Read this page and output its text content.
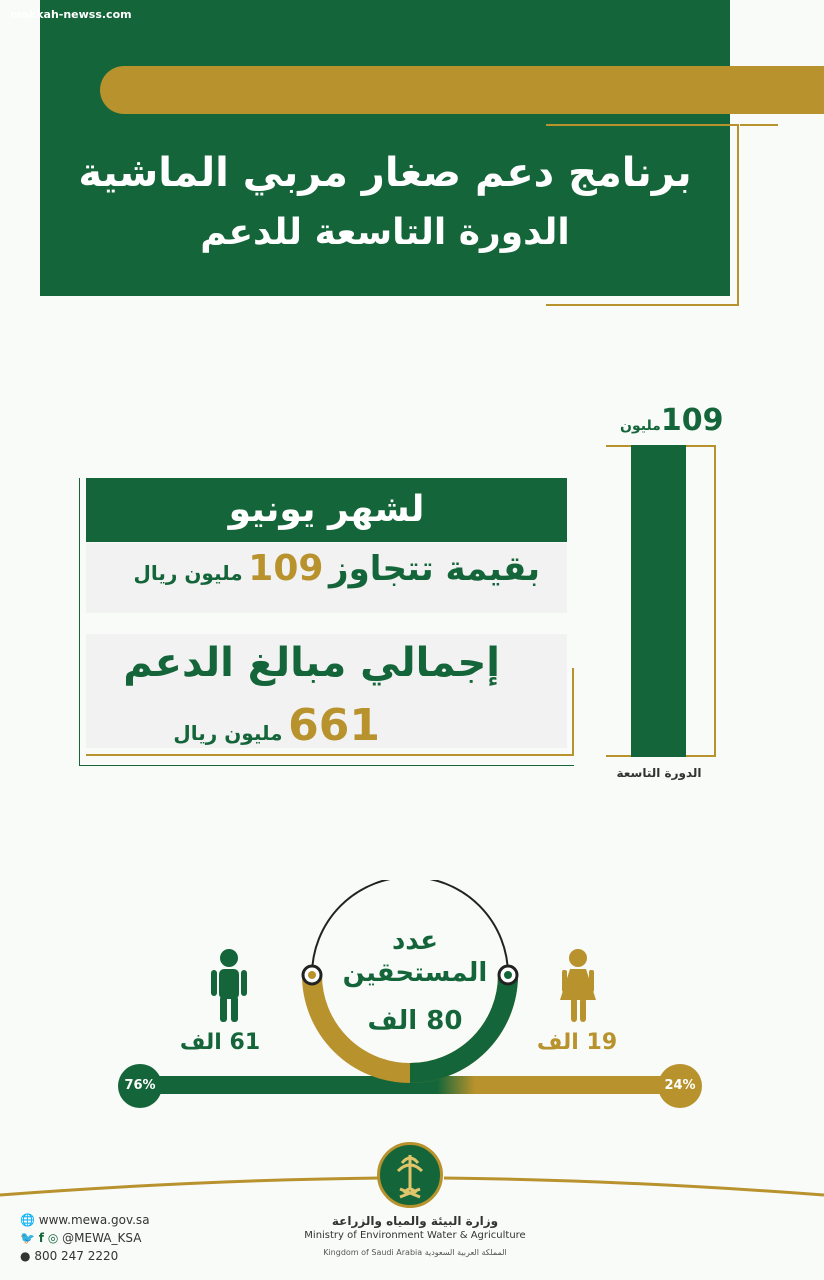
makkah-newss.com
برنامج دعم صغار مربي الماشية
الدورة التاسعة للدعم
109مليون
الدورة التاسعة
لشهر يونيو
بقيمة تتجاوز 109 مليون ريال
إجمالي مبالغ الدعم
661 مليون ريال
عدد
المستحقين
80 الف
61 الف	19 الف
76%	24%
وزارة البيئة والمياه والزراعة
Ministry of Environment Water & Agriculture
Kingdom of Saudi Arabia المملكة العربية السعودية
🌐 www.mewa.gov.sa
🐦 f ◎ @MEWA_KSA
● 800 247 2220
